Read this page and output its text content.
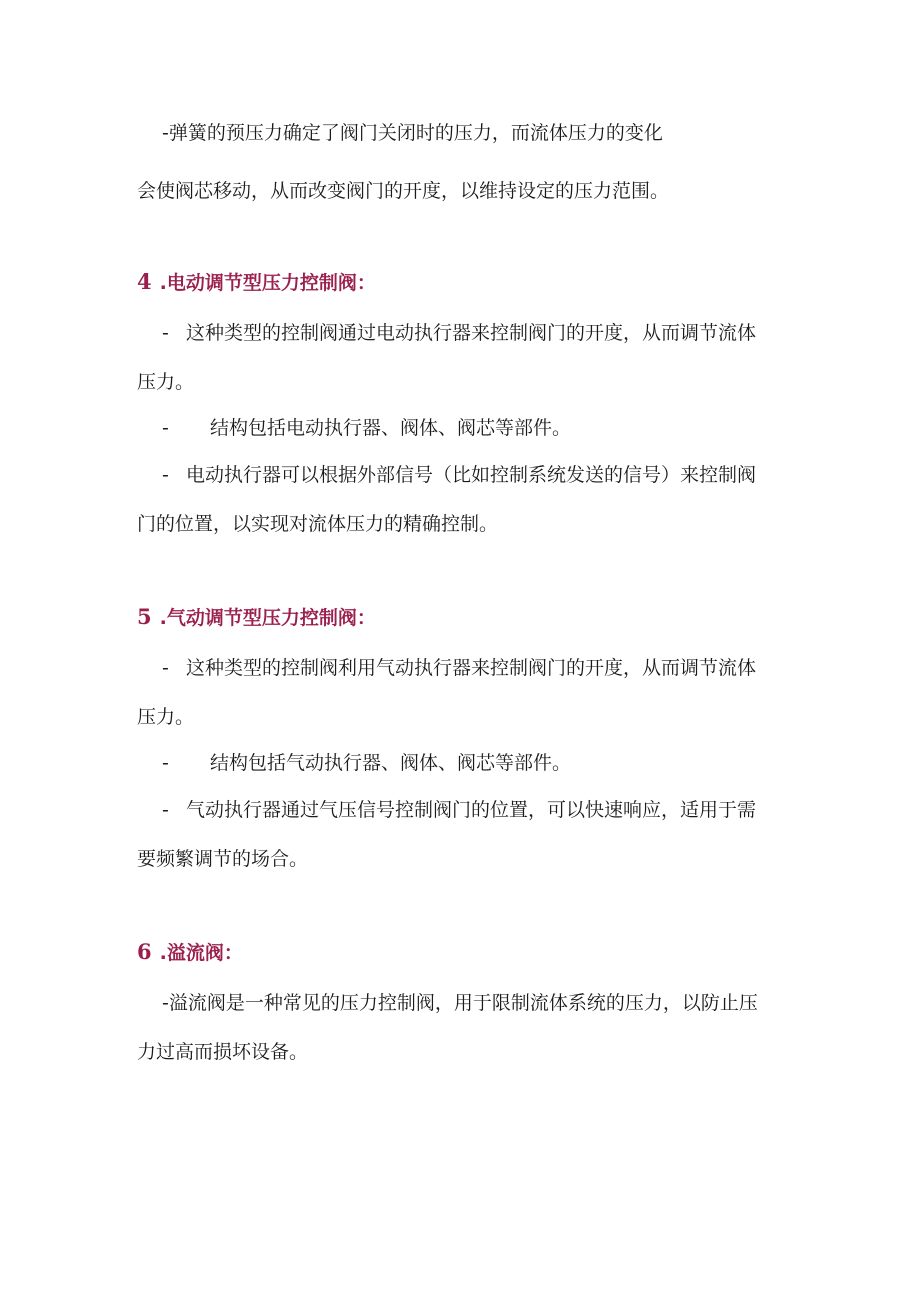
-弹簧的预压力确定了阀门关闭时的压力，而流体压力的变化
会使阀芯移动，从而改变阀门的开度，以维持设定的压力范围。
4 .电动调节型压力控制阀：
- 这种类型的控制阀通过电动执行器来控制阀门的开度，从而调节流体
压力。
- 结构包括电动执行器、阀体、阀芯等部件。
- 电动执行器可以根据外部信号（比如控制系统发送的信号）来控制阀
门的位置，以实现对流体压力的精确控制。
5 .气动调节型压力控制阀：
- 这种类型的控制阀利用气动执行器来控制阀门的开度，从而调节流体
压力。
- 结构包括气动执行器、阀体、阀芯等部件。
- 气动执行器通过气压信号控制阀门的位置，可以快速响应，适用于需
要频繁调节的场合。
6 .溢流阀：
-溢流阀是一种常见的压力控制阀，用于限制流体系统的压力，以防止压
力过高而损坏设备。
